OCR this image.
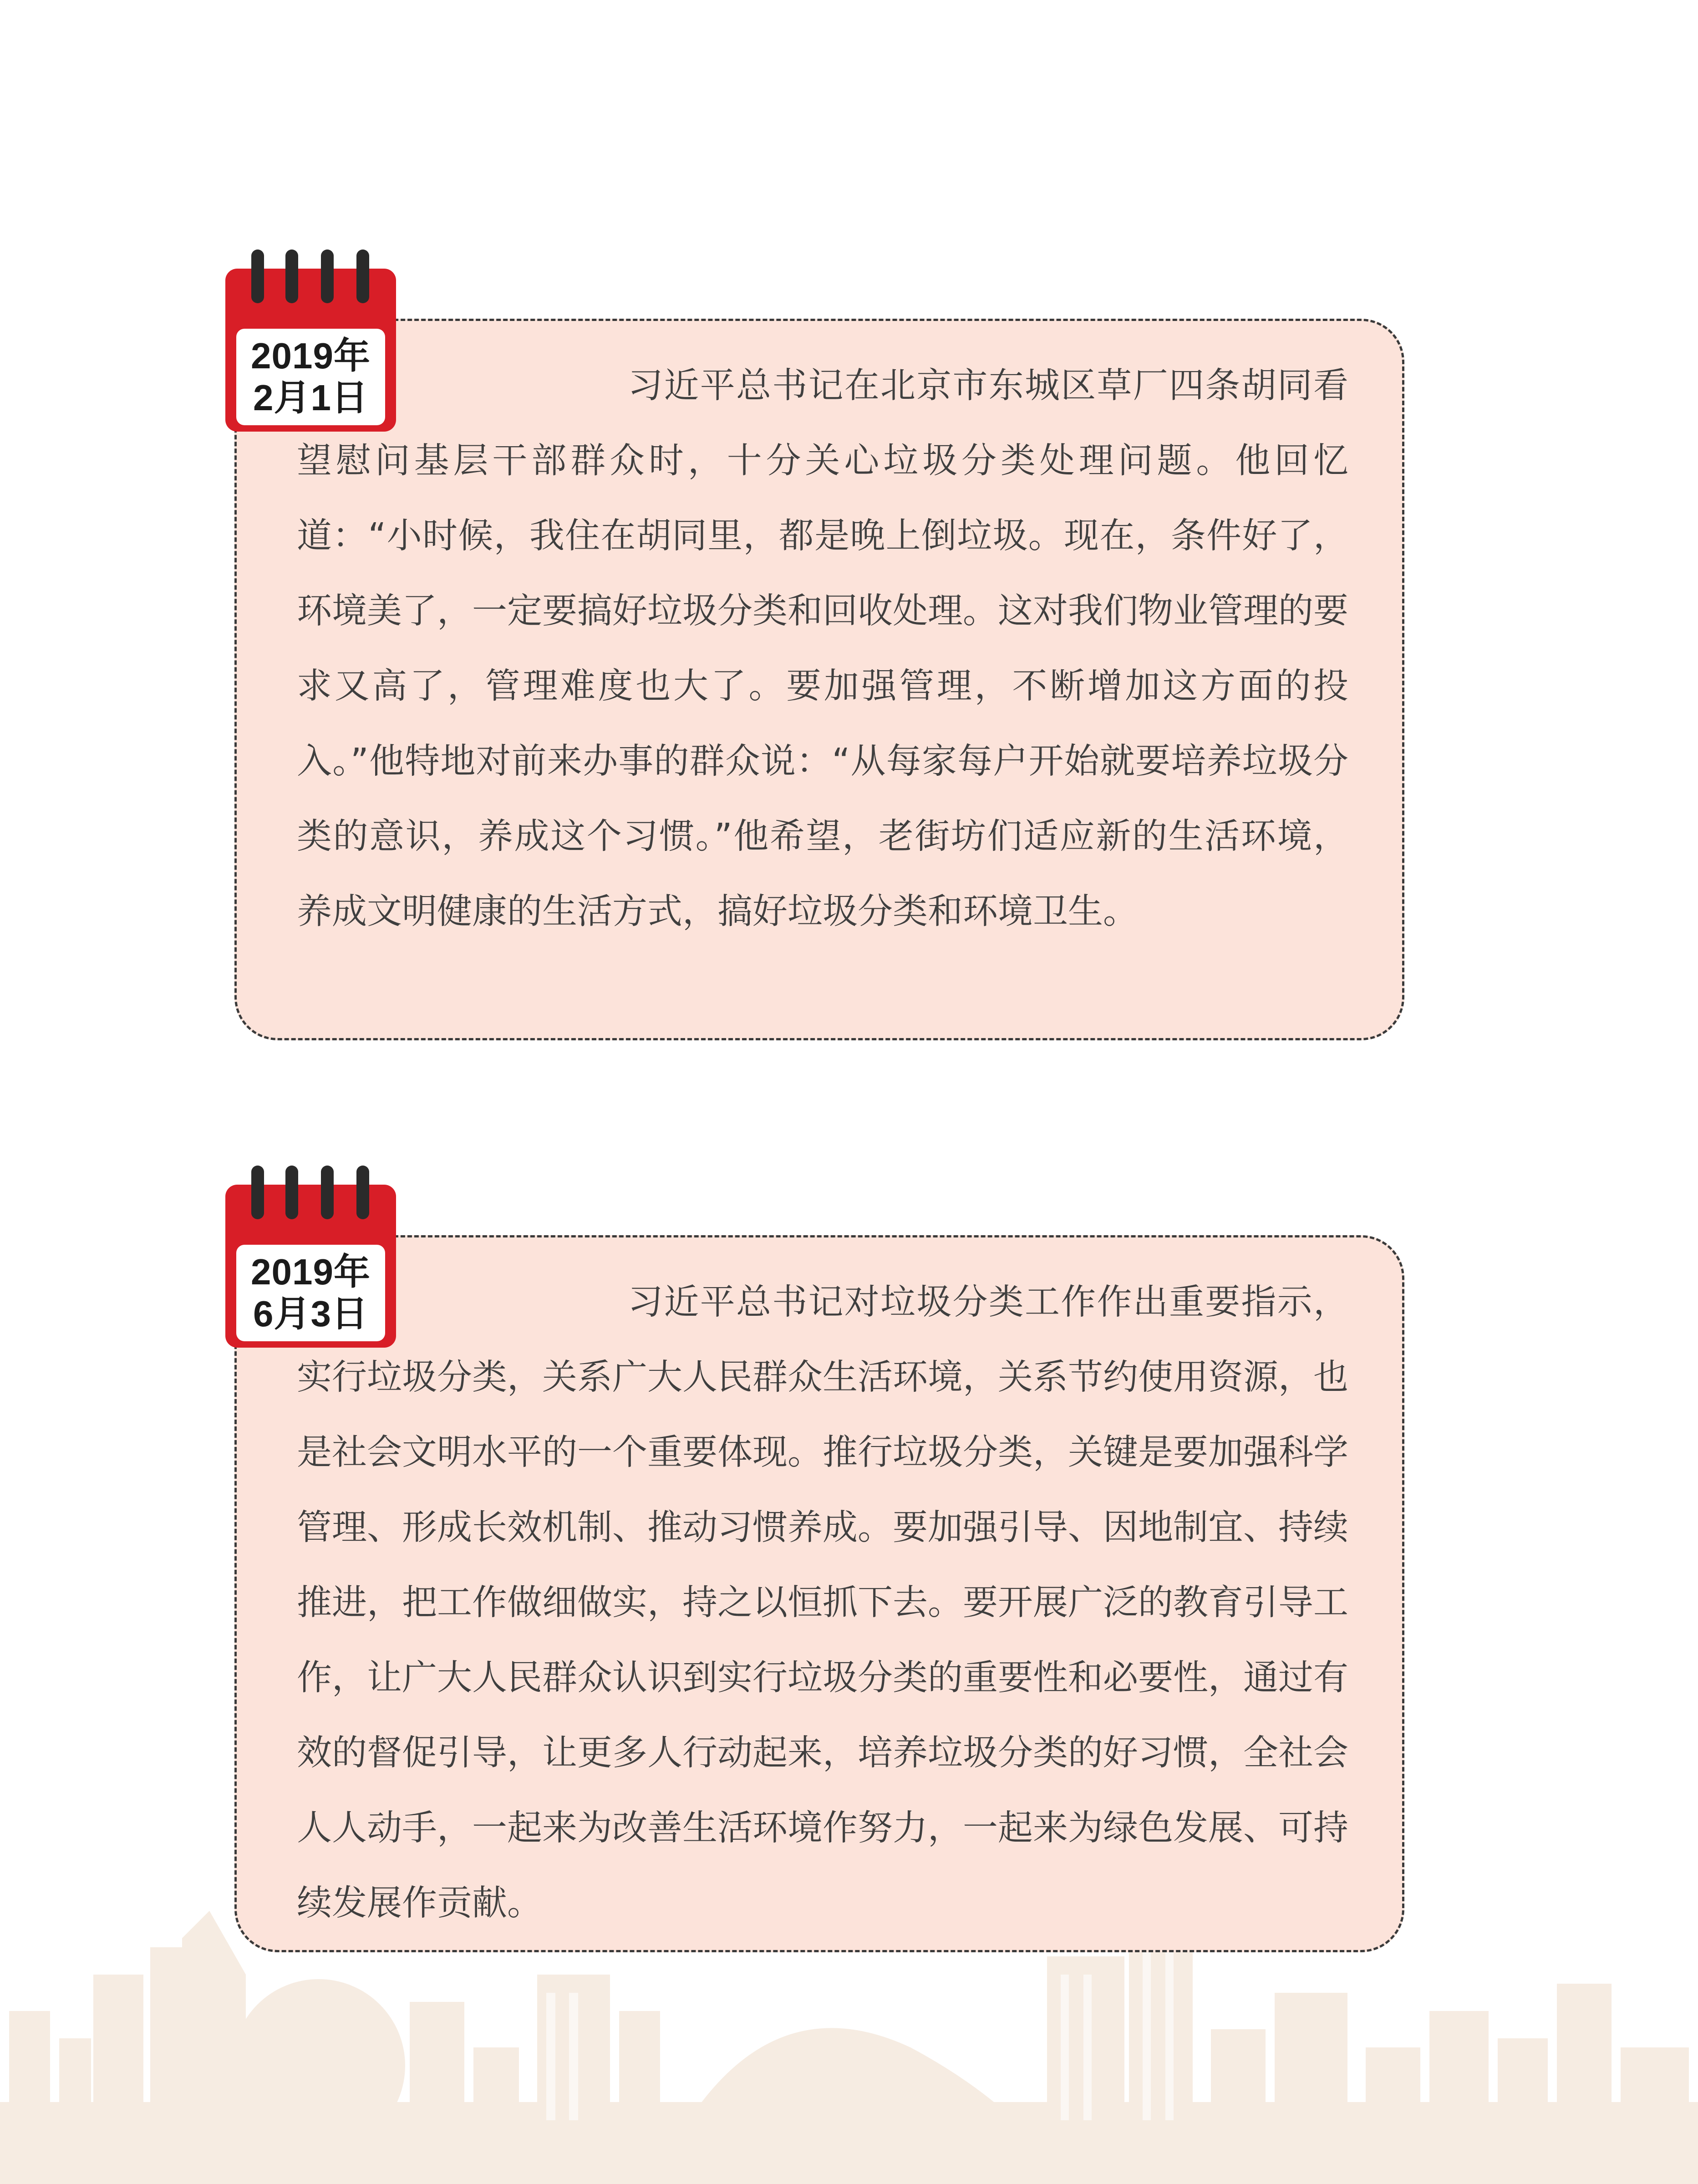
习近平总书记在北京市东城区草厂四条胡同看望慰问基层干部群众时，十分关心垃圾分类处理问题。他回忆道：“小时候，我住在胡同里，都是晚上倒垃圾。现在，条件好了，环境美了，一定要搞好垃圾分类和回收处理。这对我们物业管理的要求又高了，管理难度也大了。要加强管理，不断增加这方面的投入。”他特地对前来办事的群众说：“从每家每户开始就要培养垃圾分类的意识，养成这个习惯。”他希望，老街坊们适应新的生活环境，养成文明健康的生活方式，搞好垃圾分类和环境卫生。

2019年
2月1日

习近平总书记对垃圾分类工作作出重要指示，实行垃圾分类，关系广大人民群众生活环境，关系节约使用资源，也是社会文明水平的一个重要体现。推行垃圾分类，关键是要加强科学管理、形成长效机制、推动习惯养成。要加强引导、因地制宜、持续推进，把工作做细做实，持之以恒抓下去。要开展广泛的教育引导工作，让广大人民群众认识到实行垃圾分类的重要性和必要性，通过有效的督促引导，让更多人行动起来，培养垃圾分类的好习惯，全社会人人动手，一起来为改善生活环境作努力，一起来为绿色发展、可持续发展作贡献。

2019年
6月3日
